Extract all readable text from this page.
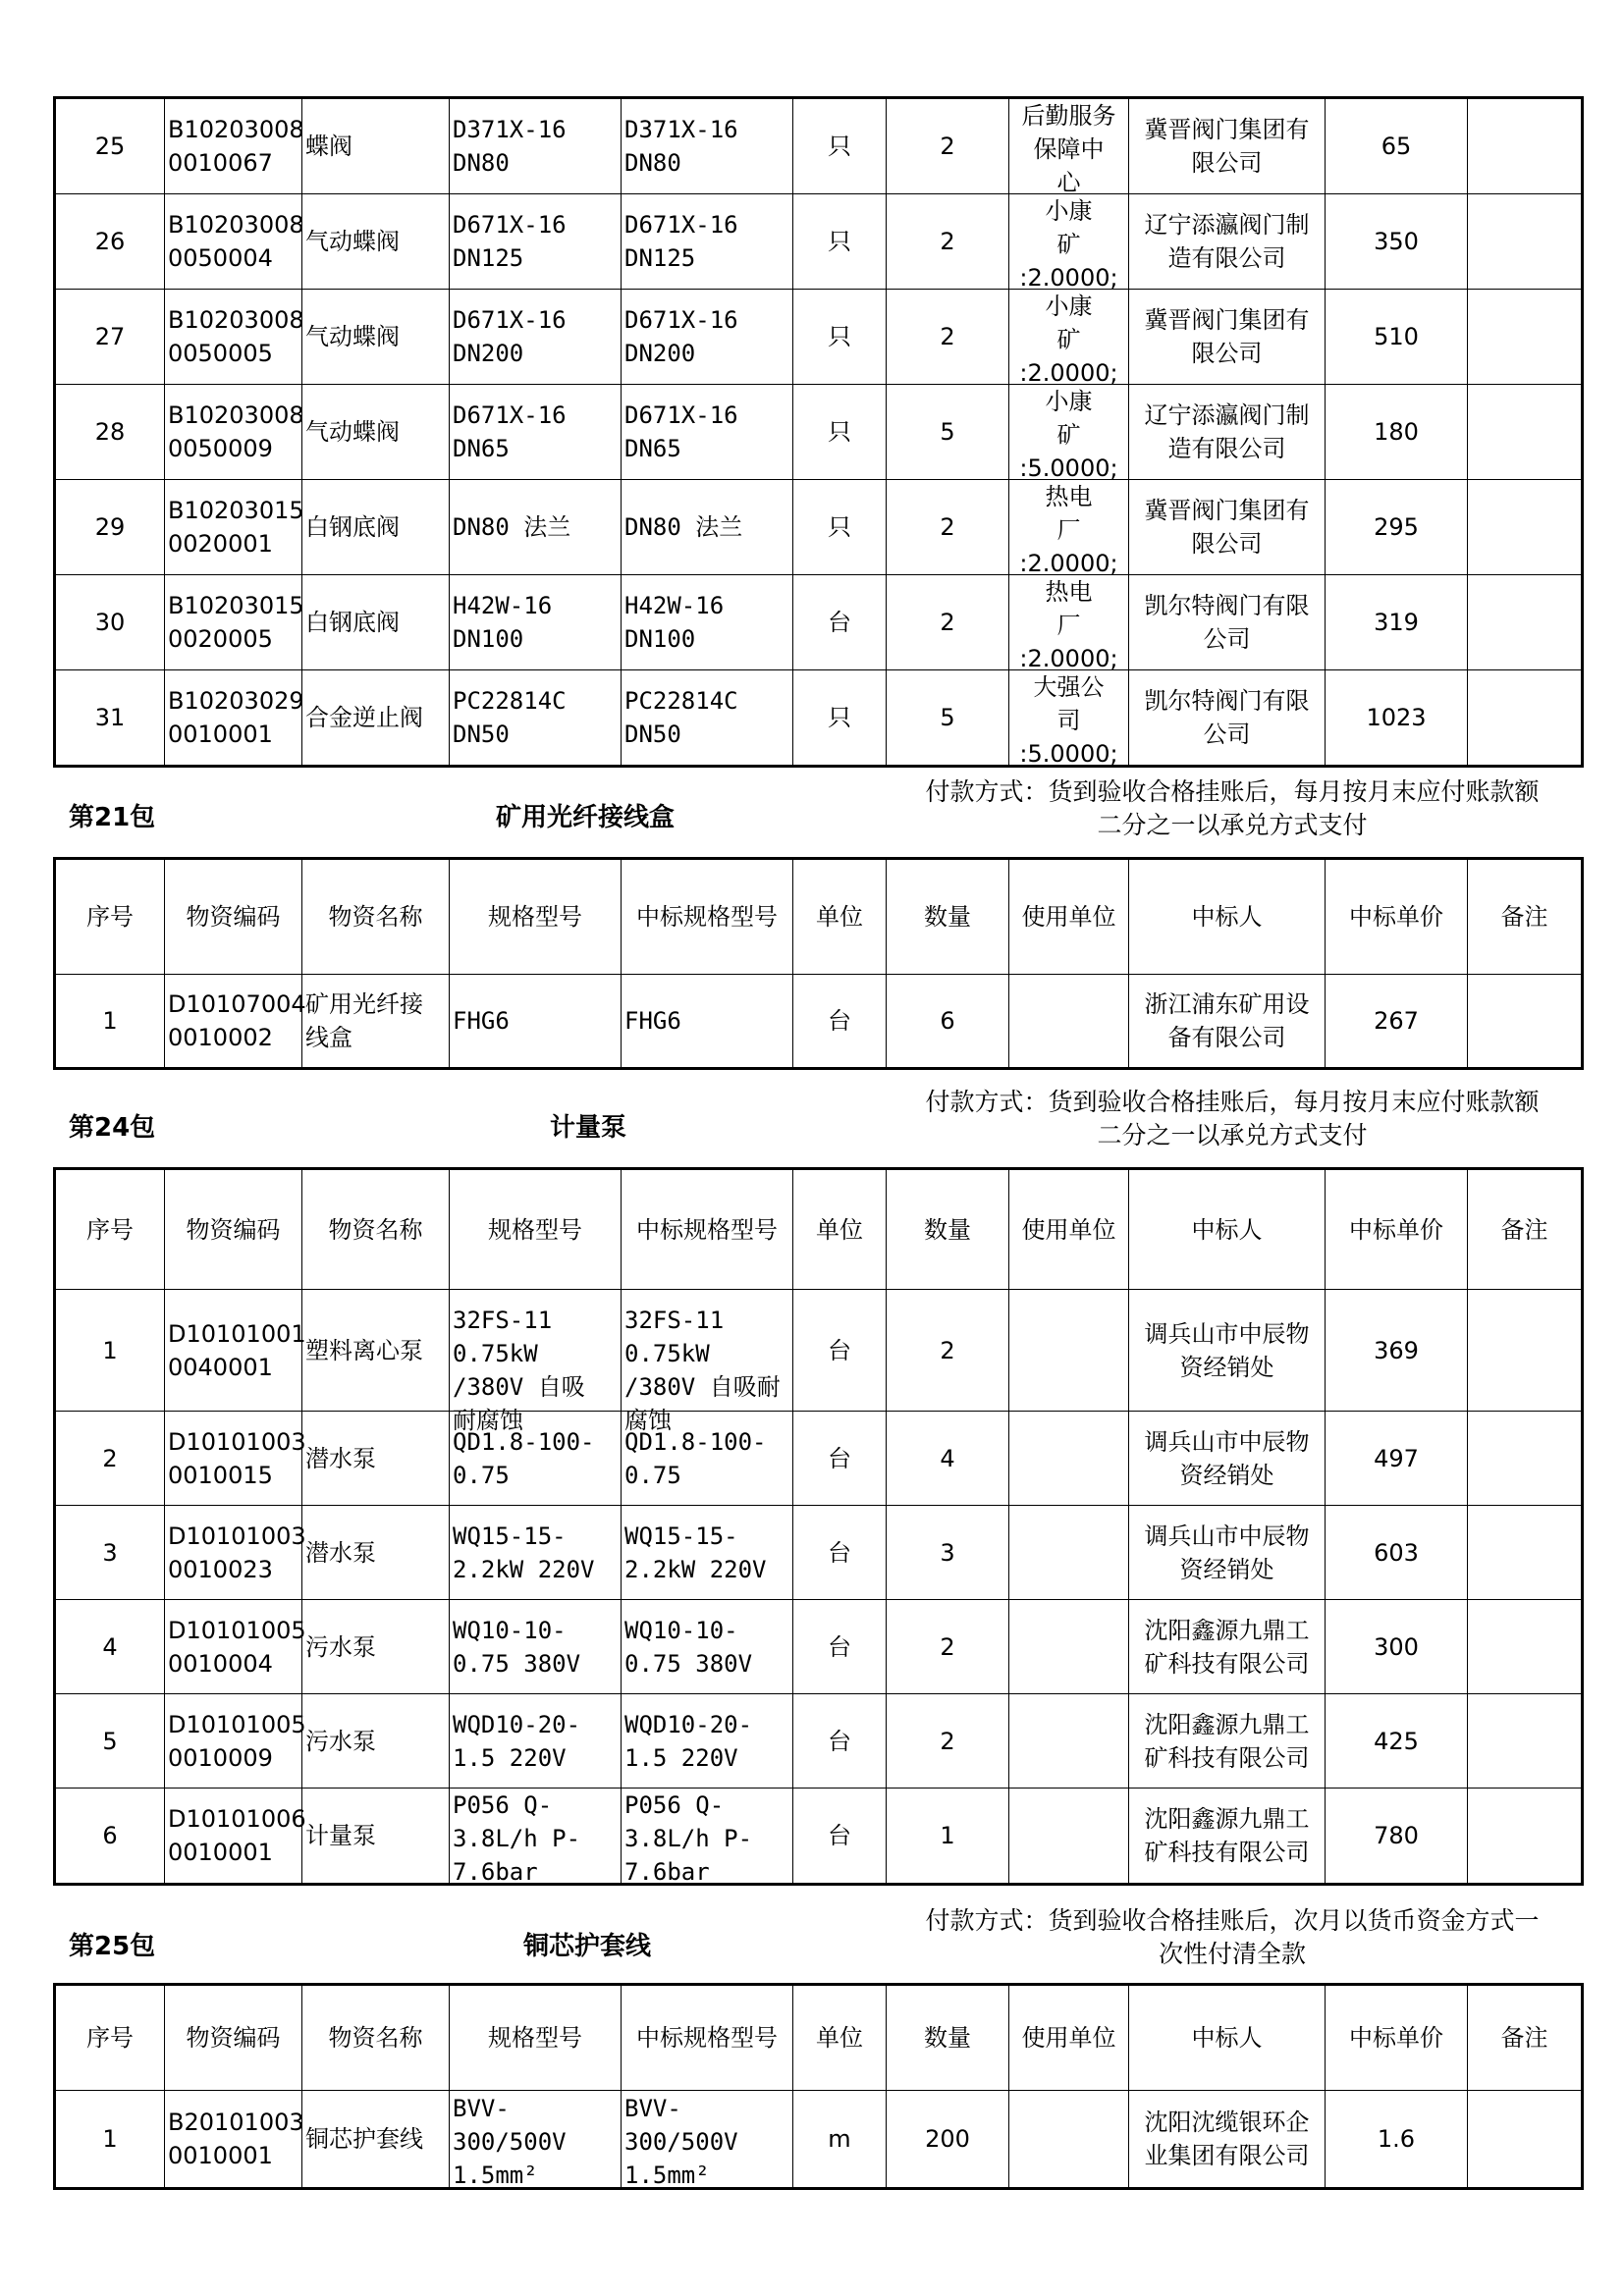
25	B10203008
0010067	蝶阀	D371X-16
DN80	D371X-16
DN80	只	2	后勤服务
保障中
心	冀晋阀门集团有
限公司	65	

26	B10203008
0050004	气动蝶阀	D671X-16
DN125	D671X-16
DN125	只	2	小康
矿
:2.0000;	辽宁添瀛阀门制
造有限公司	350	

27	B10203008
0050005	气动蝶阀	D671X-16
DN200	D671X-16
DN200	只	2	小康
矿
:2.0000;	冀晋阀门集团有
限公司	510	

28	B10203008
0050009	气动蝶阀	D671X-16
DN65	D671X-16
DN65	只	5	小康
矿
:5.0000;	辽宁添瀛阀门制
造有限公司	180	

29	B10203015
0020001	白钢底阀	DN80 法兰	DN80 法兰	只	2	热电
厂
:2.0000;	冀晋阀门集团有
限公司	295	

30	B10203015
0020005	白钢底阀	H42W-16
DN100	H42W-16
DN100	台	2	热电
厂
:2.0000;	凯尔特阀门有限
公司	319	

31	B10203029
0010001	合金逆止阀	PC22814C
DN50	PC22814C
DN50	只	5	大强公
司
:5.0000;	凯尔特阀门有限
公司	1023	

第21包	矿用光纤接线盒
付款方式：货到验收合格挂账后，每月按月末应付账款额
二分之一以承兑方式支付
序号	物资编码	物资名称	规格型号	中标规格型号	单位	数量	使用单位	中标人	中标单价	备注

1	D10107004
0010002	矿用光纤接
线盒	FHG6	FHG6	台	6		浙江浦东矿用设
备有限公司	267	

第24包	计量泵
付款方式：货到验收合格挂账后，每月按月末应付账款额
二分之一以承兑方式支付
序号	物资编码	物资名称	规格型号	中标规格型号	单位	数量	使用单位	中标人	中标单价	备注

1	D10101001
0040001	塑料离心泵	32FS-11
0.75kW
/380V 自吸
耐腐蚀	32FS-11
0.75kW
/380V 自吸耐
腐蚀	台	2		调兵山市中辰物
资经销处	369	

2	D10101003
0010015	潜水泵	QD1.8-100-
0.75	QD1.8-100-
0.75	台	4		调兵山市中辰物
资经销处	497	

3	D10101003
0010023	潜水泵	WQ15-15-
2.2kW 220V	WQ15-15-
2.2kW 220V	台	3		调兵山市中辰物
资经销处	603	

4	D10101005
0010004	污水泵	WQ10-10-
0.75 380V	WQ10-10-
0.75 380V	台	2		沈阳鑫源九鼎工
矿科技有限公司	300	

5	D10101005
0010009	污水泵	WQD10-20-
1.5 220V	WQD10-20-
1.5 220V	台	2		沈阳鑫源九鼎工
矿科技有限公司	425	

6	D10101006
0010001	计量泵	P056 Q-
3.8L/h P-
7.6bar	P056 Q-
3.8L/h P-
7.6bar	台	1		沈阳鑫源九鼎工
矿科技有限公司	780	

第25包	铜芯护套线
付款方式：货到验收合格挂账后，次月以货币资金方式一
次性付清全款
序号	物资编码	物资名称	规格型号	中标规格型号	单位	数量	使用单位	中标人	中标单价	备注

1	B20101003
0010001	铜芯护套线	BVV-
300/500V
1.5mm²	BVV-
300/500V
1.5mm²	m	200		沈阳沈缆银环企
业集团有限公司	1.6	
